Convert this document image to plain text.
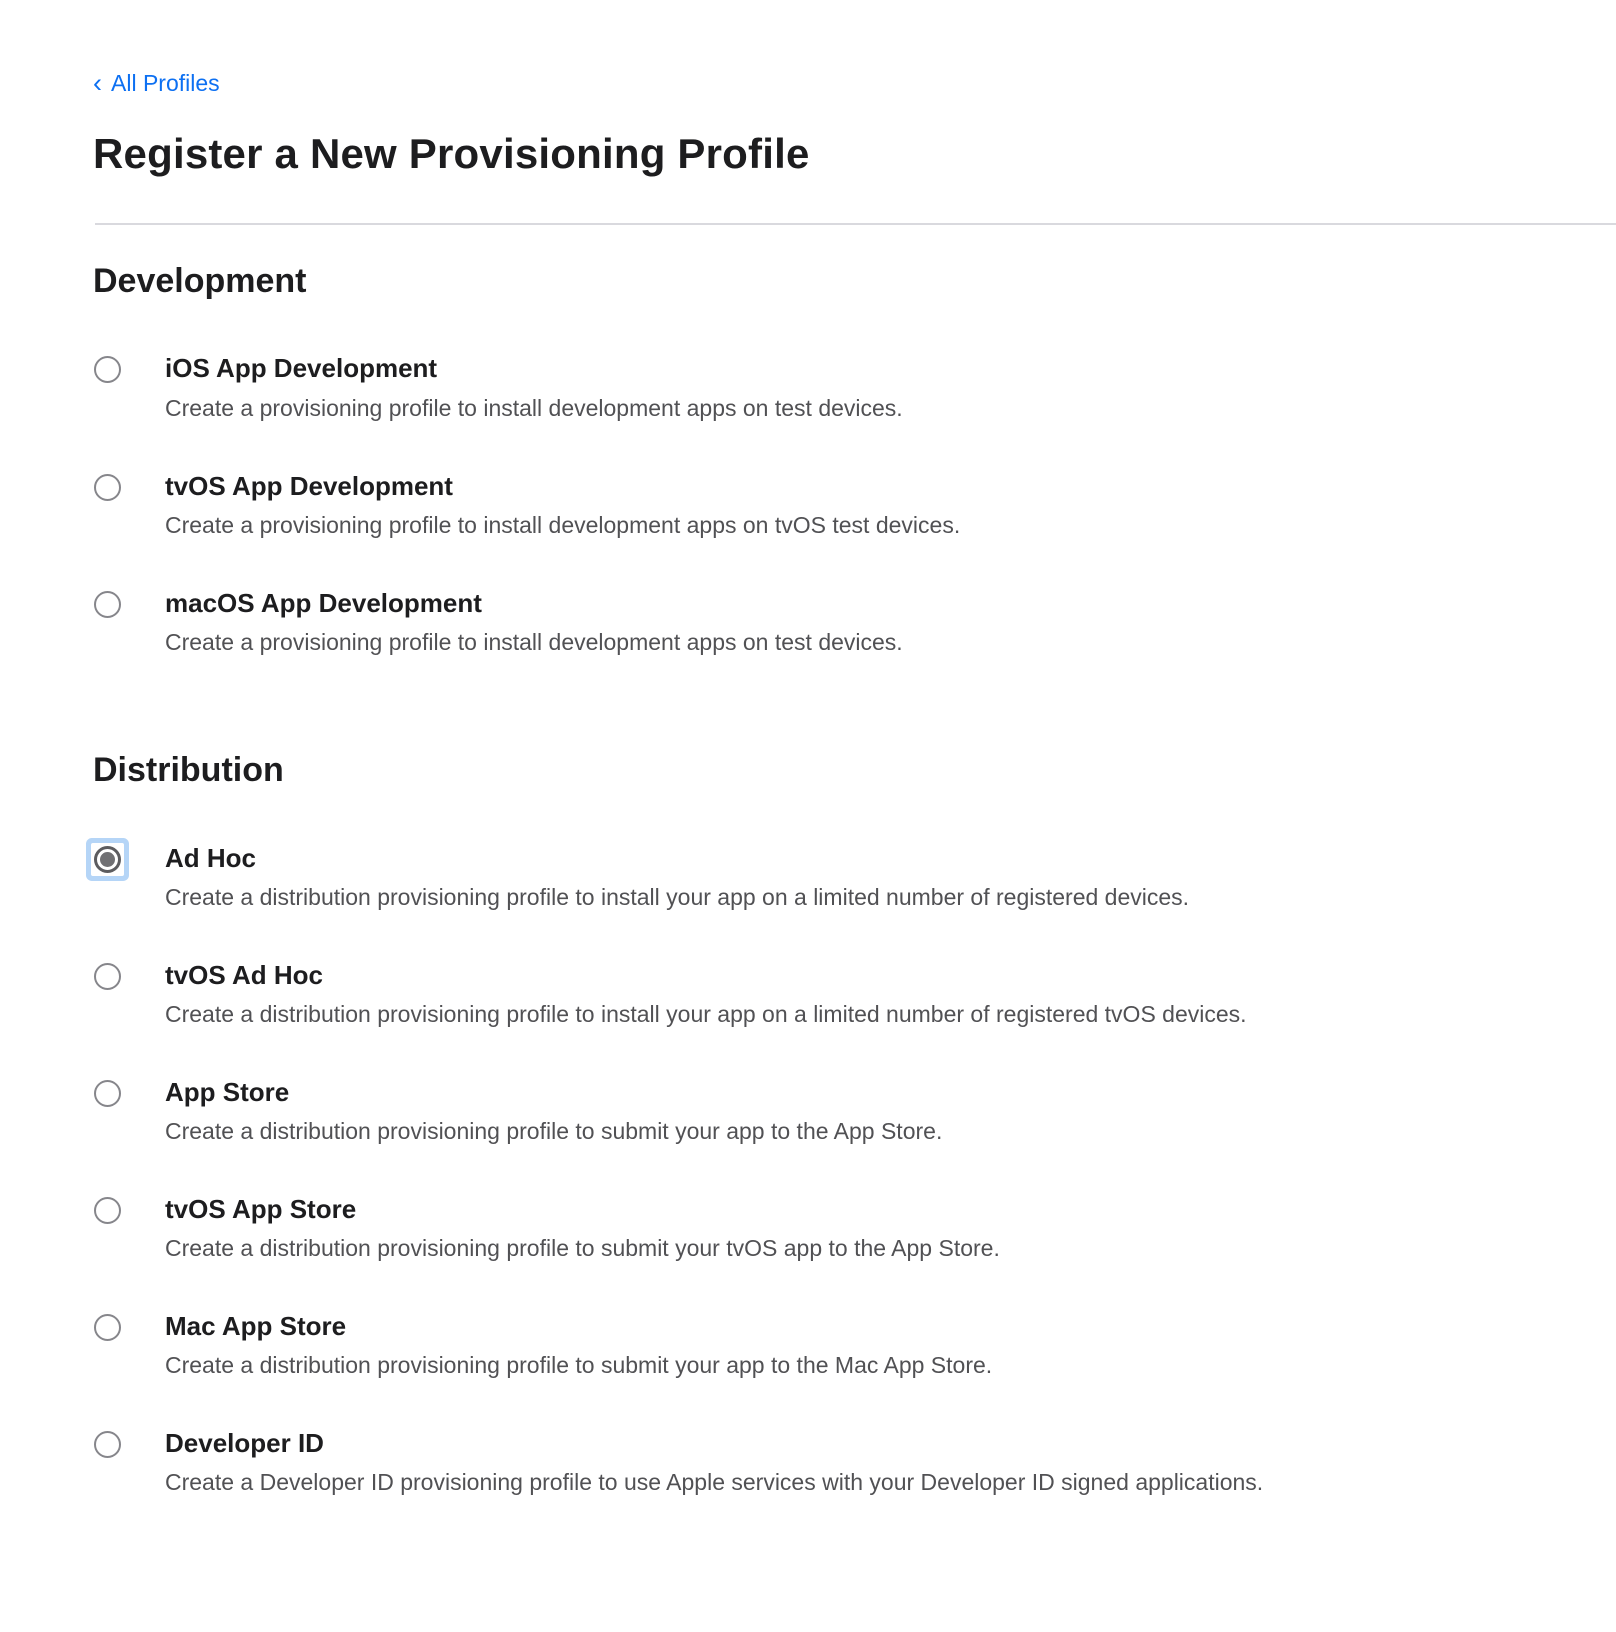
‹ All Profiles
Register a New Provisioning Profile
Development
iOS App Development
Create a provisioning profile to install development apps on test devices.
tvOS App Development
Create a provisioning profile to install development apps on tvOS test devices.
macOS App Development
Create a provisioning profile to install development apps on test devices.
Distribution
Ad Hoc
Create a distribution provisioning profile to install your app on a limited number of registered devices.
tvOS Ad Hoc
Create a distribution provisioning profile to install your app on a limited number of registered tvOS devices.
App Store
Create a distribution provisioning profile to submit your app to the App Store.
tvOS App Store
Create a distribution provisioning profile to submit your tvOS app to the App Store.
Mac App Store
Create a distribution provisioning profile to submit your app to the Mac App Store.
Developer ID
Create a Developer ID provisioning profile to use Apple services with your Developer ID signed applications.
